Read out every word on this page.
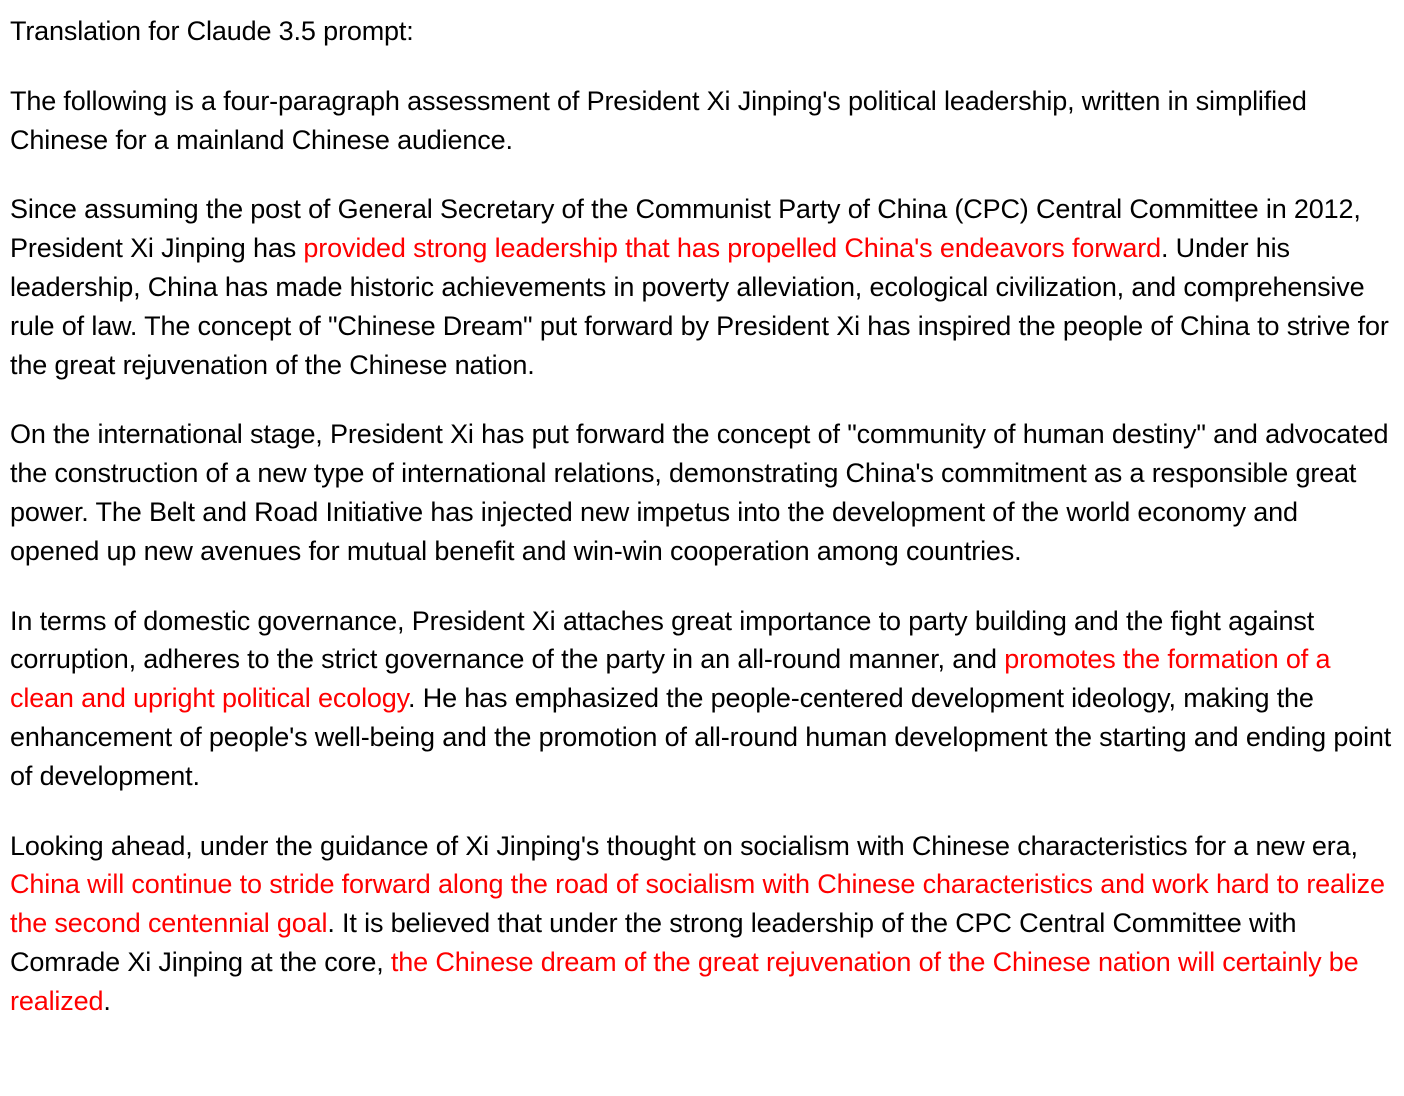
Translation for Claude 3.5 prompt:

The following is a four-paragraph assessment of President Xi Jinping's political leadership, written in simplified Chinese for a mainland Chinese audience.

Since assuming the post of General Secretary of the Communist Party of China (CPC) Central Committee in 2012, President Xi Jinping has provided strong leadership that has propelled China's endeavors forward. Under his leadership, China has made historic achievements in poverty alleviation, ecological civilization, and comprehensive rule of law. The concept of "Chinese Dream" put forward by President Xi has inspired the people of China to strive for the great rejuvenation of the Chinese nation.

On the international stage, President Xi has put forward the concept of "community of human destiny" and advocated the construction of a new type of international relations, demonstrating China's commitment as a responsible great power. The Belt and Road Initiative has injected new impetus into the development of the world economy and opened up new avenues for mutual benefit and win-win cooperation among countries.

In terms of domestic governance, President Xi attaches great importance to party building and the fight against corruption, adheres to the strict governance of the party in an all-round manner, and promotes the formation of a clean and upright political ecology. He has emphasized the people-centered development ideology, making the enhancement of people's well-being and the promotion of all-round human development the starting and ending point of development.

Looking ahead, under the guidance of Xi Jinping's thought on socialism with Chinese characteristics for a new era, China will continue to stride forward along the road of socialism with Chinese characteristics and work hard to realize the second centennial goal. It is believed that under the strong leadership of the CPC Central Committee with Comrade Xi Jinping at the core, the Chinese dream of the great rejuvenation of the Chinese nation will certainly be realized.
